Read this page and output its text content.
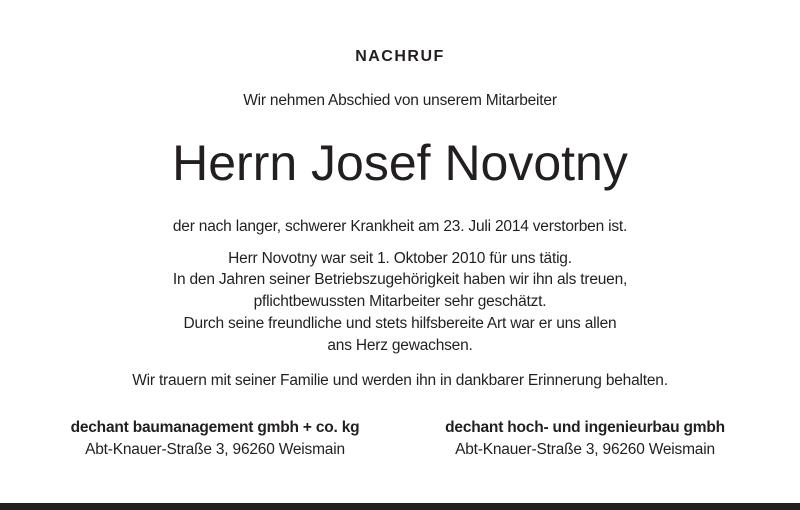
NACHRUF
Wir nehmen Abschied von unserem Mitarbeiter
Herrn Josef Novotny
der nach langer, schwerer Krankheit am 23. Juli 2014 verstorben ist.
Herr Novotny war seit 1. Oktober 2010 für uns tätig.
In den Jahren seiner Betriebszugehörigkeit haben wir ihn als treuen,
pflichtbewussten Mitarbeiter sehr geschätzt.
Durch seine freundliche und stets hilfsbereite Art war er uns allen
ans Herz gewachsen.
Wir trauern mit seiner Familie und werden ihn in dankbarer Erinnerung behalten.
dechant baumanagement gmbh + co. kg
Abt-Knauer-Straße 3, 96260 Weismain
dechant hoch- und ingenieurbau gmbh
Abt-Knauer-Straße 3, 96260 Weismain
